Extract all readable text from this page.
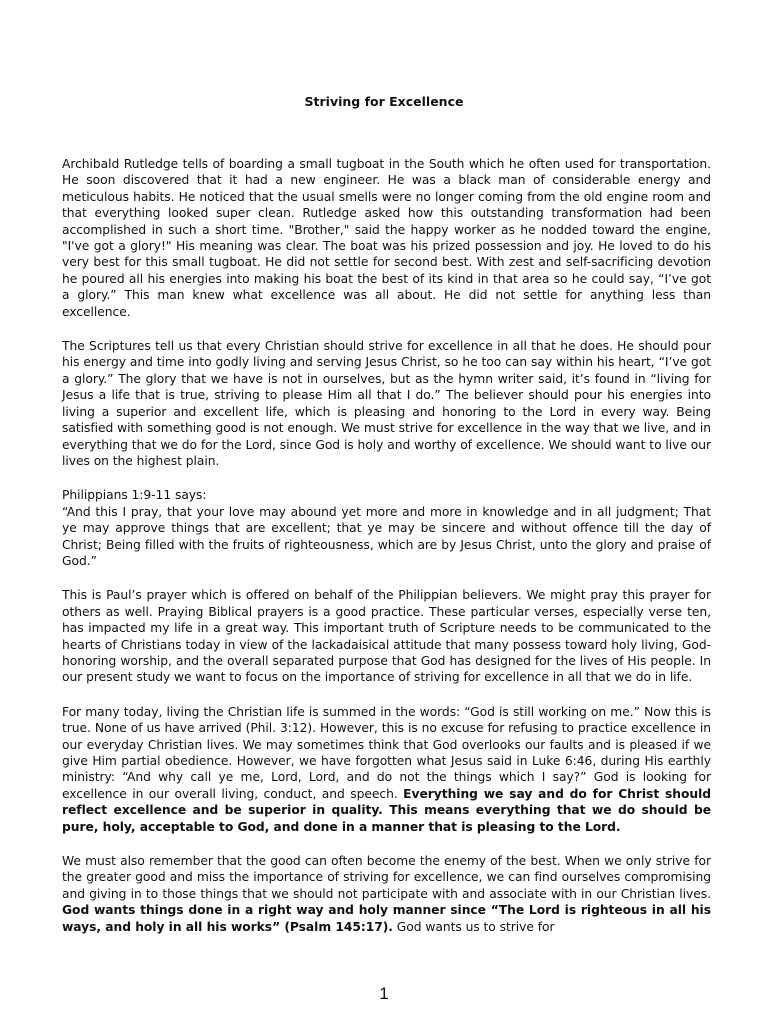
Striving for Excellence

Archibald Rutledge tells of boarding a small tugboat in the South which he often used for transportation. He soon discovered that it had a new engineer. He was a black man of considerable energy and meticulous habits. He noticed that the usual smells were no longer coming from the old engine room and that everything looked super clean. Rutledge asked how this outstanding transformation had been accomplished in such a short time. "Brother," said the happy worker as he nodded toward the engine, "I've got a glory!" His meaning was clear. The boat was his prized possession and joy. He loved to do his very best for this small tugboat. He did not settle for second best. With zest and self-sacrificing devotion he poured all his energies into making his boat the best of its kind in that area so he could say, “I’ve got a glory.” This man knew what excellence was all about. He did not settle for anything less than excellence.

The Scriptures tell us that every Christian should strive for excellence in all that he does. He should pour his energy and time into godly living and serving Jesus Christ, so he too can say within his heart, “I’ve got a glory.” The glory that we have is not in ourselves, but as the hymn writer said, it’s found in “living for Jesus a life that is true, striving to please Him all that I do.” The believer should pour his energies into living a superior and excellent life, which is pleasing and honoring to the Lord in every way. Being satisfied with something good is not enough. We must strive for excellence in the way that we live, and in everything that we do for the Lord, since God is holy and worthy of excellence. We should want to live our lives on the highest plain.

Philippians 1:9-11 says:
“And this I pray, that your love may abound yet more and more in knowledge and in all judgment; That ye may approve things that are excellent; that ye may be sincere and without offence till the day of Christ; Being filled with the fruits of righteousness, which are by Jesus Christ, unto the glory and praise of God.”

This is Paul’s prayer which is offered on behalf of the Philippian believers. We might pray this prayer for others as well. Praying Biblical prayers is a good practice. These particular verses, especially verse ten, has impacted my life in a great way. This important truth of Scripture needs to be communicated to the hearts of Christians today in view of the lackadaisical attitude that many possess toward holy living, God-honoring worship, and the overall separated purpose that God has designed for the lives of His people. In our present study we want to focus on the importance of striving for excellence in all that we do in life.

For many today, living the Christian life is summed in the words: “God is still working on me.” Now this is true. None of us have arrived (Phil. 3:12). However, this is no excuse for refusing to practice excellence in our everyday Christian lives. We may sometimes think that God overlooks our faults and is pleased if we give Him partial obedience. However, we have forgotten what Jesus said in Luke 6:46, during His earthly ministry: “And why call ye me, Lord, Lord, and do not the things which I say?” God is looking for excellence in our overall living, conduct, and speech. Everything we say and do for Christ should reflect excellence and be superior in quality. This means everything that we do should be pure, holy, acceptable to God, and done in a manner that is pleasing to the Lord.

We must also remember that the good can often become the enemy of the best. When we only strive for the greater good and miss the importance of striving for excellence, we can find ourselves compromising and giving in to those things that we should not participate with and associate with in our Christian lives. God wants things done in a right way and holy manner since “The Lord is righteous in all his ways, and holy in all his works” (Psalm 145:17). God wants us to strive for

1
